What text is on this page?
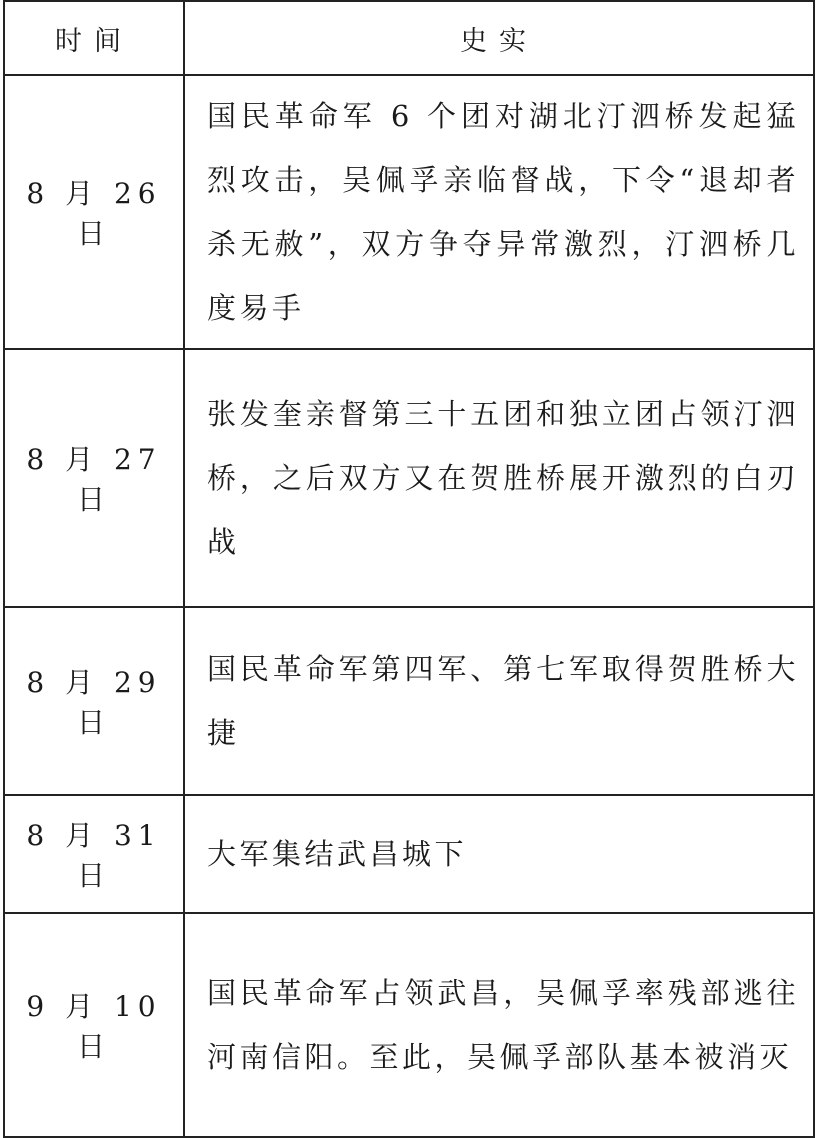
时间	史实
8 月 26 日	国民革命军 6 个团对湖北汀泗桥发起猛烈攻击，吴佩孚亲临督战，下令“退却者杀无赦”，双方争夺异常激烈，汀泗桥几度易手
8 月 27 日	张发奎亲督第三十五团和独立团占领汀泗桥，之后双方又在贺胜桥展开激烈的白刃战
8 月 29 日	国民革命军第四军、第七军取得贺胜桥大捷
8 月 31 日	大军集结武昌城下
9 月 10 日	国民革命军占领武昌，吴佩孚率残部逃往河南信阳。至此，吴佩孚部队基本被消灭
